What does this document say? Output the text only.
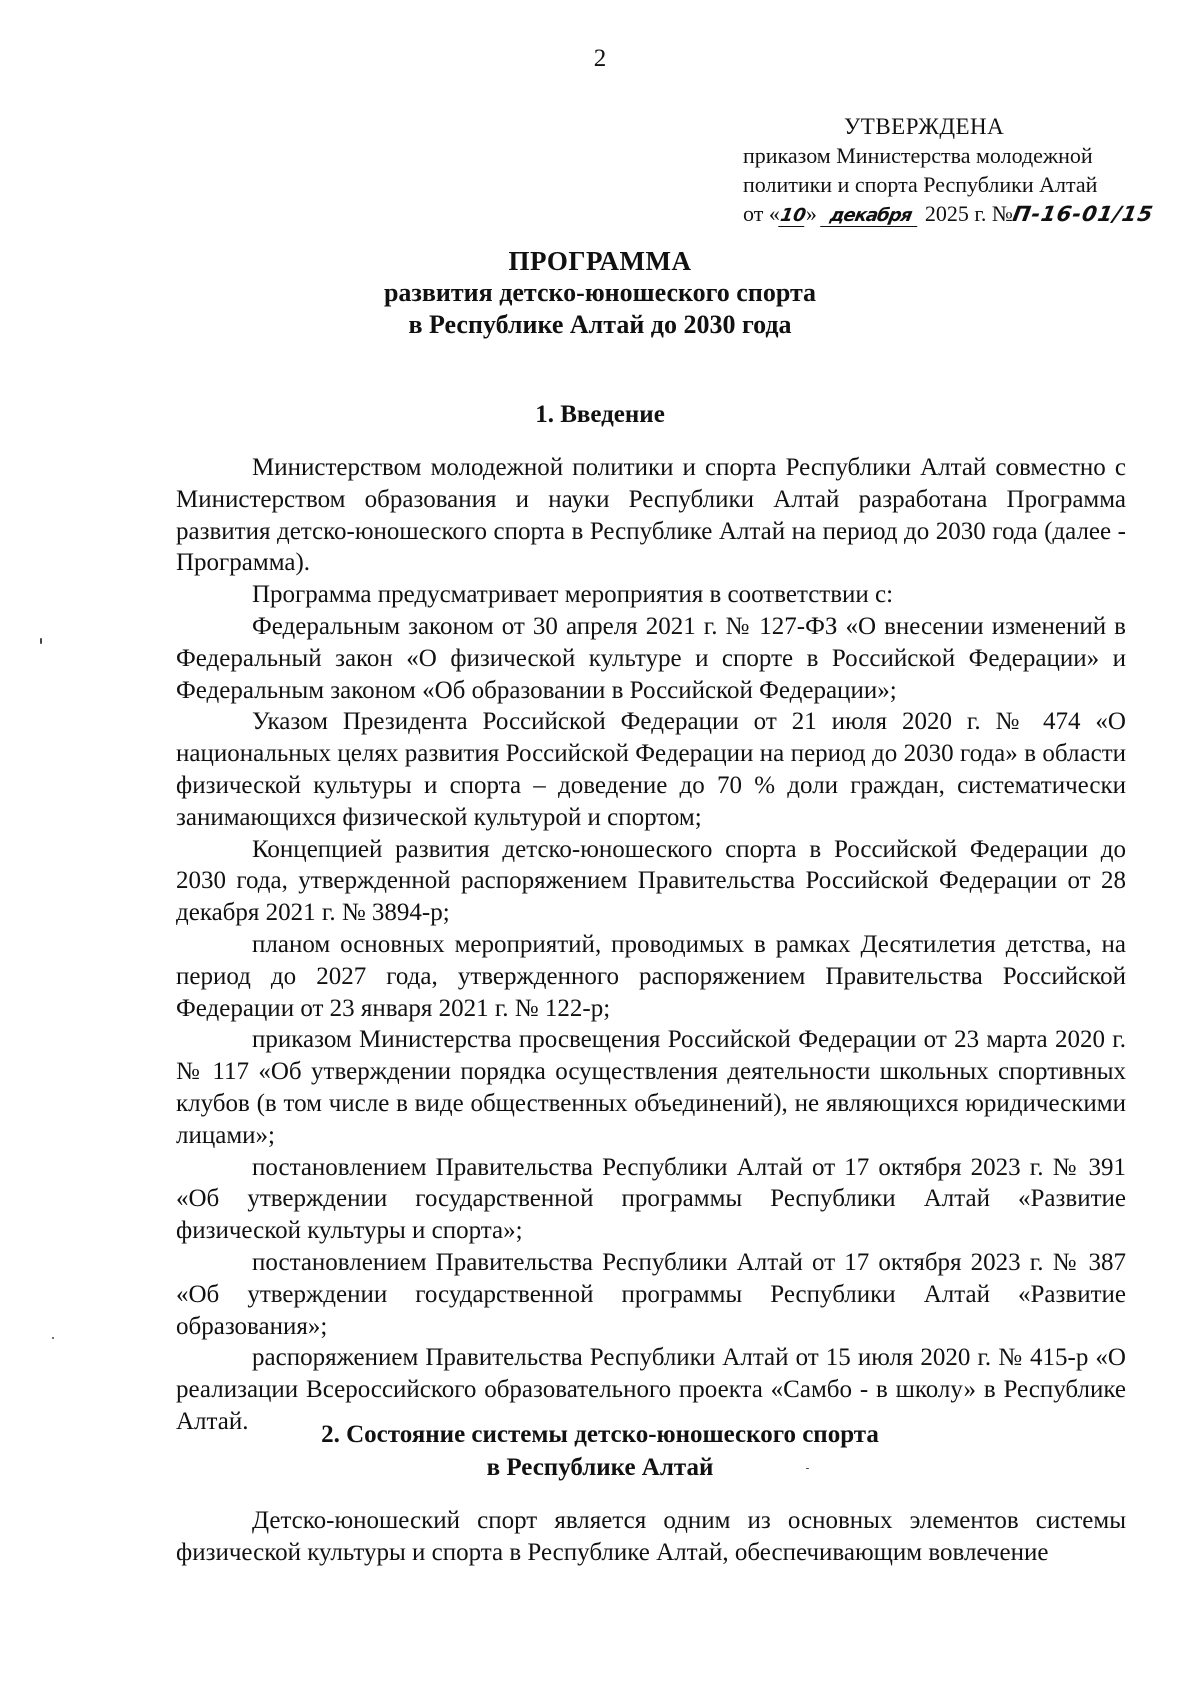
2
УТВЕРЖДЕНА
приказом Министерства молодежной
политики и спорта Республики Алтай
от «10» декабря 2025 г. №П-16-01/15
ПРОГРАММА
развития детско-юношеского спорта
в Республике Алтай до 2030 года
1. Введение

Министерством молодежной политики и спорта Республики Алтай совместно с Министерством образования и науки Республики Алтай разработана Программа развития детско-юношеского спорта в Республике Алтай на период до 2030 года (далее - Программа).

Программа предусматривает мероприятия в соответствии с:

Федеральным законом от 30 апреля 2021 г. № 127-ФЗ «О внесении изменений в Федеральный закон «О физической культуре и спорте в Российской Федерации» и Федеральным законом «Об образовании в Российской Федерации»;

Указом Президента Российской Федерации от 21 июля 2020 г. № 474 «О национальных целях развития Российской Федерации на период до 2030 года» в области физической культуры и спорта – доведение до 70 % доли граждан, систематически занимающихся физической культурой и спортом;

Концепцией развития детско-юношеского спорта в Российской Федерации до 2030 года, утвержденной распоряжением Правительства Российской Федерации от 28 декабря 2021 г. № 3894-р;

планом основных мероприятий, проводимых в рамках Десятилетия детства, на период до 2027 года, утвержденного распоряжением Правительства Российской Федерации от 23 января 2021 г. № 122-р;

приказом Министерства просвещения Российской Федерации от 23 марта 2020 г. № 117 «Об утверждении порядка осуществления деятельности школьных спортивных клубов (в том числе в виде общественных объединений), не являющихся юридическими лицами»;

постановлением Правительства Республики Алтай от 17 октября 2023 г. № 391 «Об утверждении государственной программы Республики Алтай «Развитие физической культуры и спорта»;

постановлением Правительства Республики Алтай от 17 октября 2023 г. № 387 «Об утверждении государственной программы Республики Алтай «Развитие образования»;

распоряжением Правительства Республики Алтай от 15 июля 2020 г. № 415-р «О реализации Всероссийского образовательного проекта «Самбо - в школу» в Республике Алтай.	2. Состояние системы детско-юношеского спорта
в Республике Алтай

Детско-юношеский спорт является одним из основных элементов системы физической культуры и спорта в Республике Алтай, обеспечивающим вовлечение
